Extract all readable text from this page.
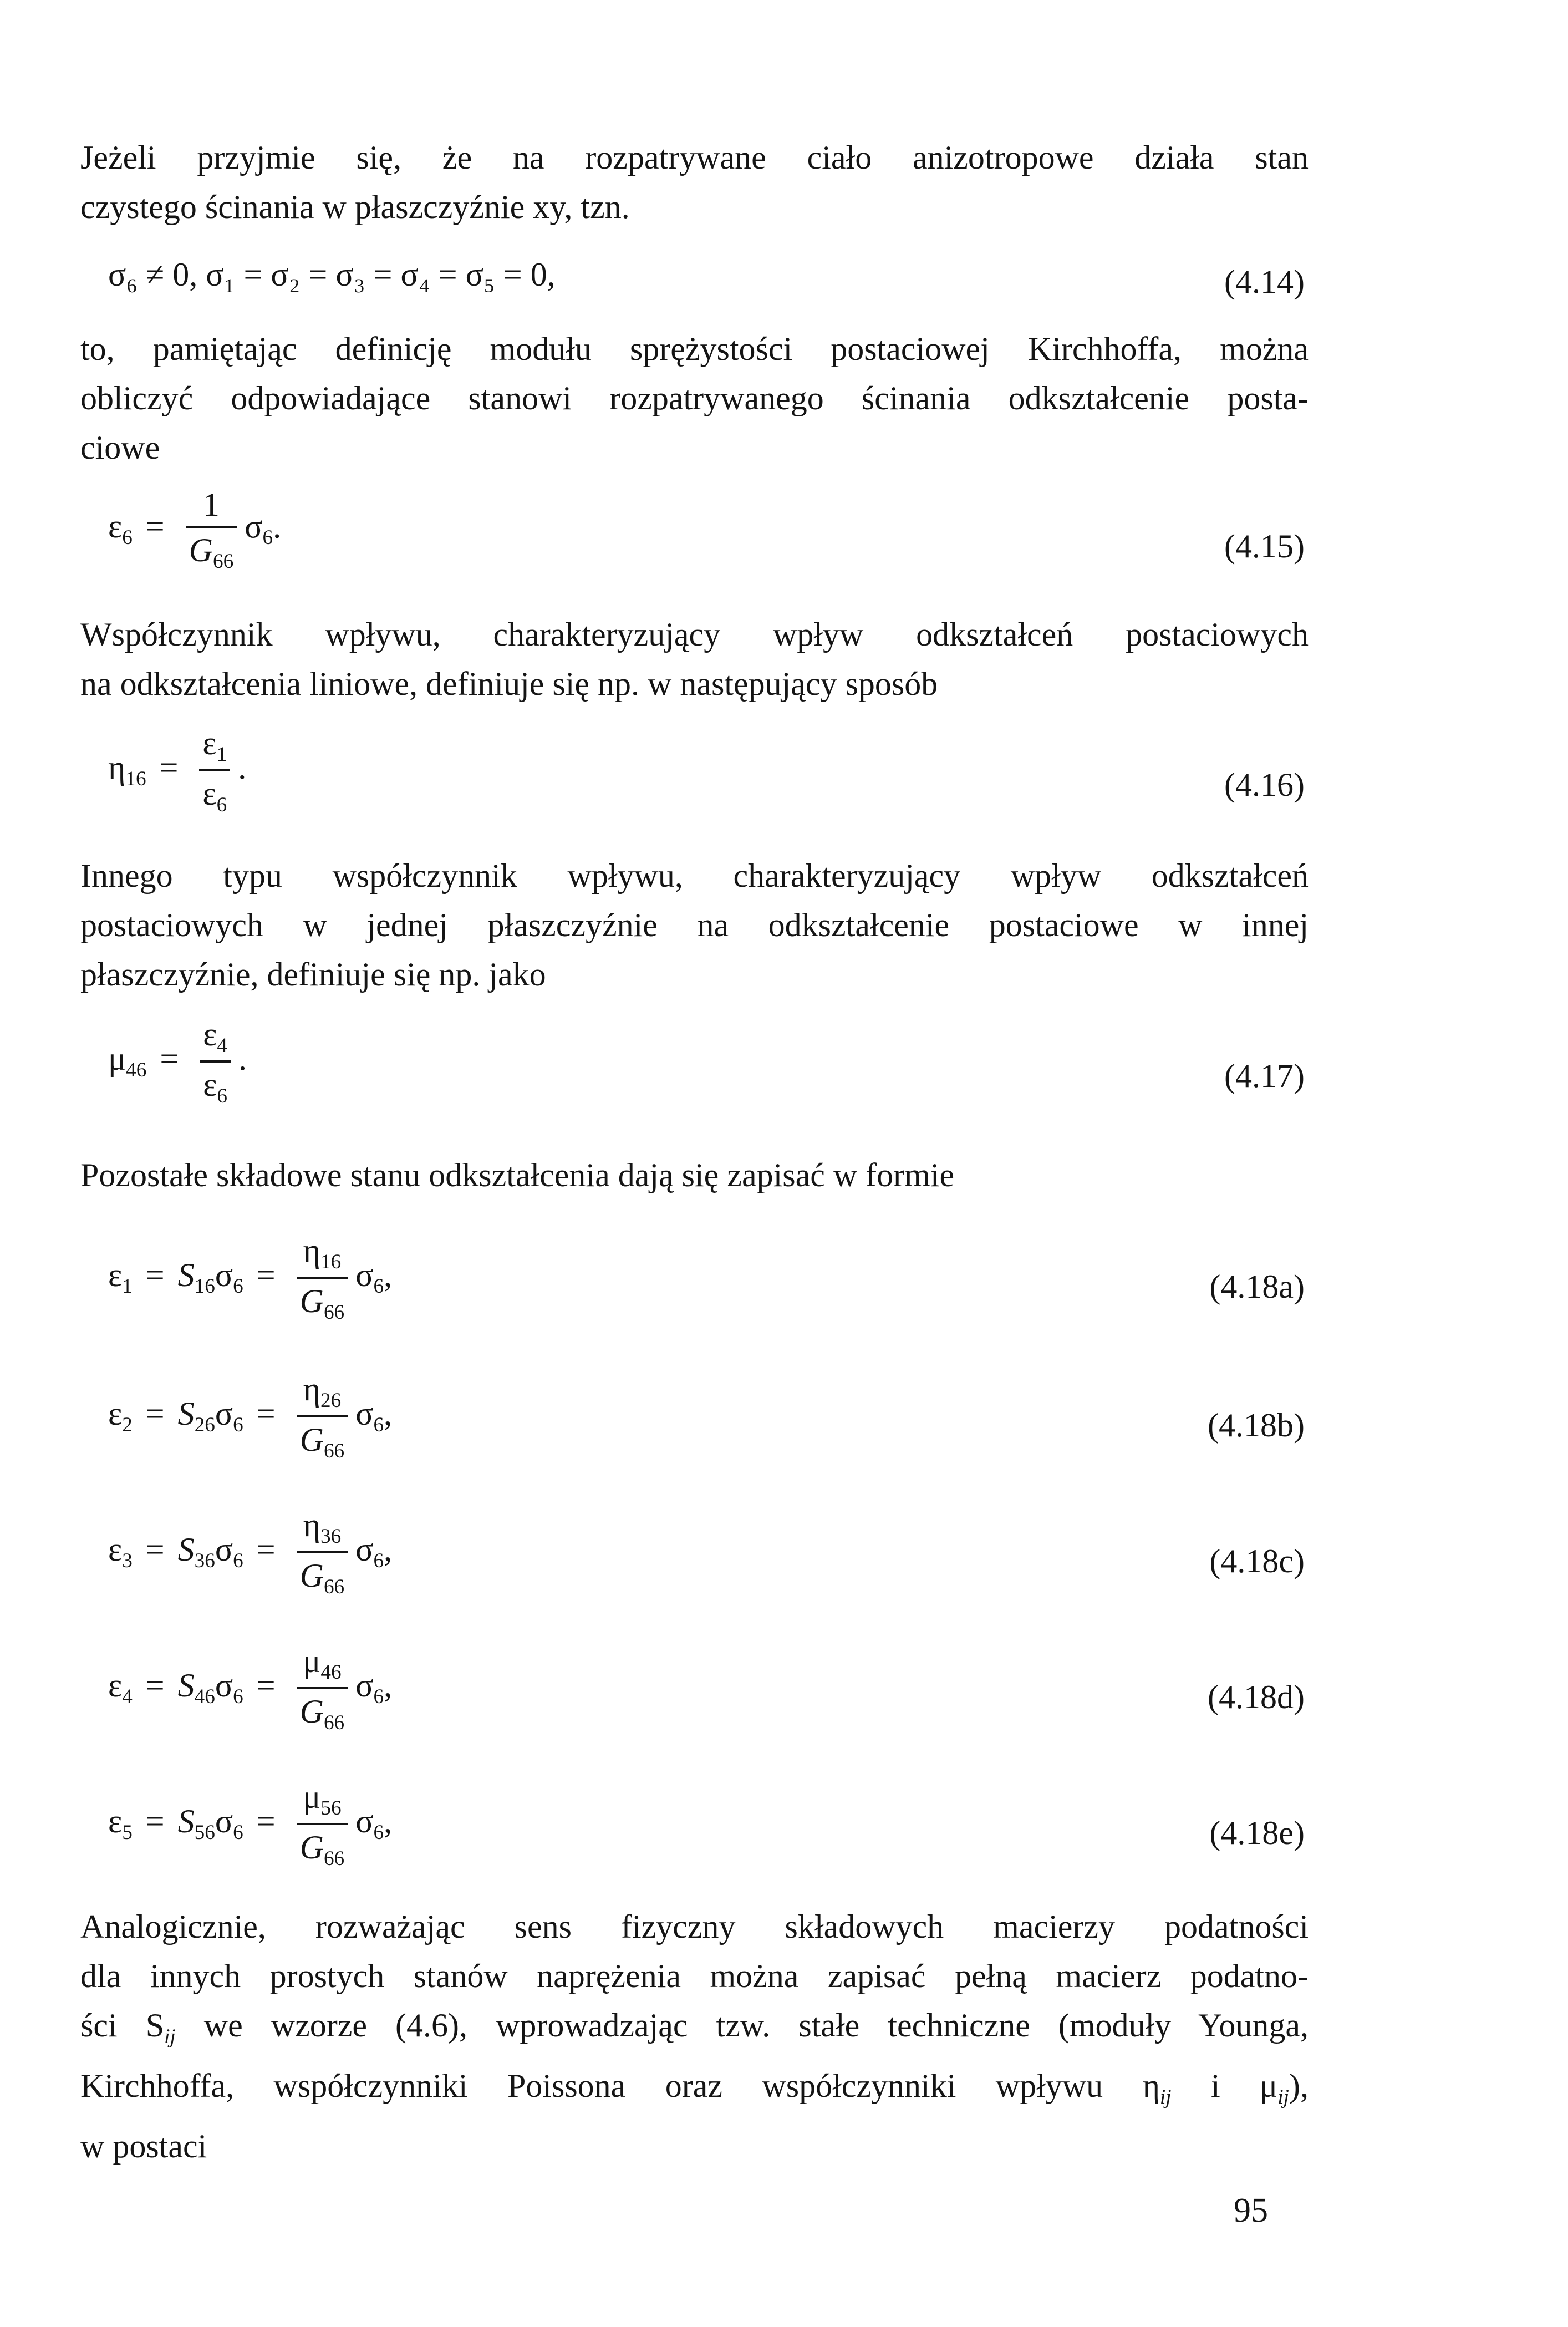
Jeżeli przyjmie się, że na rozpatrywane ciało anizotropowe działa stan
czystego ścinania w płaszczyźnie xy, tzn.
σ₆ ≠ 0, σ₁ = σ₂ = σ₃ = σ₄ = σ₅ = 0,	(4.14)
to, pamiętając definicję modułu sprężystości postaciowej Kirchhoffa, można
obliczyć odpowiadające stanowi rozpatrywanego ścinania odkształcenie posta-
ciowe
$\varepsilon_6 = \frac{1}{G_{66}} \sigma_6$.
(4.15)
Współczynnik wpływu, charakteryzujący wpływ odkształceń postaciowych
na odkształcenia liniowe, definiuje się np. w następujący sposób
$\eta_{16} = \frac{\varepsilon_1}{\varepsilon_6}$ .	(4.16)
Innego typu współczynnik wpływu, charakteryzujący wpływ odkształceń
postaciowych w jednej płaszczyźnie na odkształcenie postaciowe w innej
płaszczyźnie, definiuje się np. jako
$\mu_{46} = \frac{\varepsilon_4}{\varepsilon_6}$ .	(4.17)
Pozostałe składowe stanu odkształcenia dają się zapisać w formie
$\varepsilon_1 = S_{16}\sigma_6 = \frac{\eta_{16}}{G_{66}} \sigma_6$,	(4.18a)
$\varepsilon_2 = S_{26}\sigma_6 = \frac{\eta_{26}}{G_{66}} \sigma_6$,	(4.18b)
$\varepsilon_3 = S_{36}\sigma_6 = \frac{\eta_{36}}{G_{66}} \sigma_6$,	(4.18c)
$\varepsilon_4 = S_{46}\sigma_6 = \frac{\mu_{46}}{G_{66}} \sigma_6$,	(4.18d)
$\varepsilon_5 = S_{56}\sigma_6 = \frac{\mu_{56}}{G_{66}} \sigma_6$,	(4.18e)
Analogicznie, rozważając sens fizyczny składowych macierzy podatności
dla innych prostych stanów naprężenia można zapisać pełną macierz podatno-
ści $S_{ij}$ we wzorze (4.6), wprowadzając tzw. stałe techniczne (moduły Younga,
Kirchhoffa, współczynniki Poissona oraz współczynniki wpływu $\eta_{ij}$ i $\mu_{ij}$),
w postaci
95
